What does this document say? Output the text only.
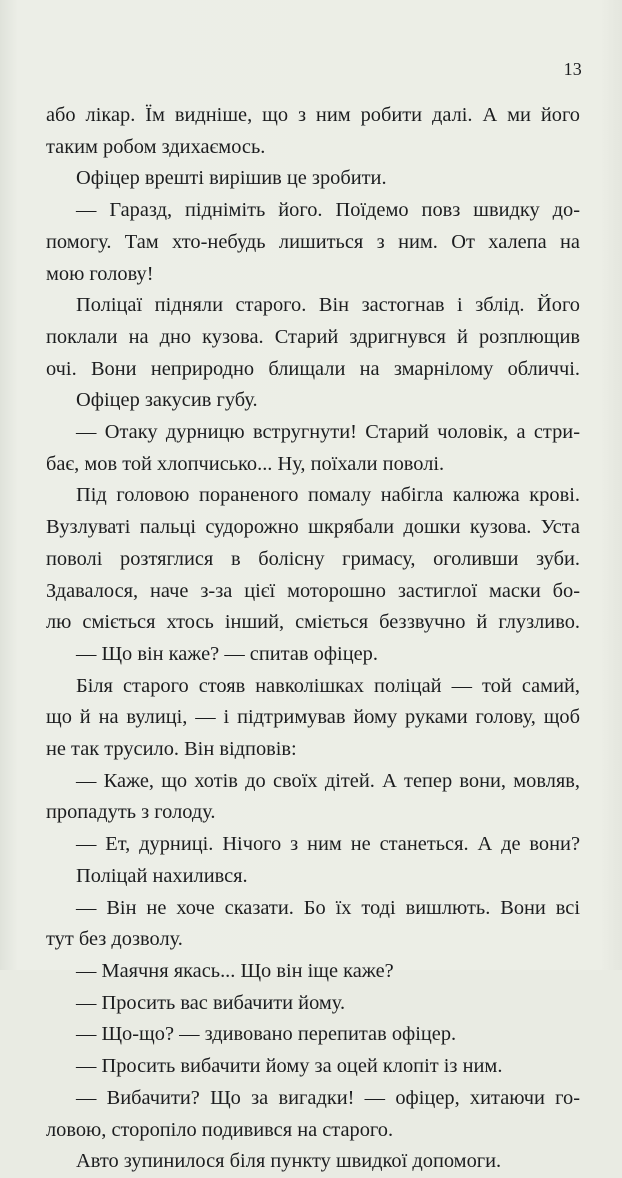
13
або лікар. Їм видніше, що з ним робити далі. А ми його
таким робом здихаємось.
Офіцер врешті вирішив це зробити.
— Гаразд, підніміть його. Поїдемо повз швидку до-
помогу. Там хто-небудь лишиться з ним. От халепа на
мою голову!
Поліцаї підняли старого. Він застогнав і зблід. Його
поклали на дно кузова. Старий здригнувся й розплющив
очі. Вони неприродно блищали на змарнілому обличчі.
Офіцер закусив губу.
— Отаку дурницю встругнути! Старий чоловік, а стри-
бає, мов той хлопчисько... Ну, поїхали поволі.
Під головою пораненого помалу набігла калюжа крові.
Вузлуваті пальці судорожно шкрябали дошки кузова. Уста
поволі розтяглися в болісну гримасу, оголивши зуби.
Здавалося, наче з-за цієї моторошно застиглої маски бо-
лю сміється хтось інший, сміється беззвучно й глузливо.
— Що він каже? — спитав офіцер.
Біля старого стояв навколішках поліцай — той самий,
що й на вулиці, — і підтримував йому руками голову, щоб
не так трусило. Він відповів:
— Каже, що хотів до своїх дітей. А тепер вони, мовляв,
пропадуть з голоду.
— Ет, дурниці. Нічого з ним не станеться. А де вони?
Поліцай нахилився.
— Він не хоче сказати. Бо їх тоді вишлють. Вони всі
тут без дозволу.
— Маячня якась... Що він іще каже?
— Просить вас вибачити йому.
— Що-що? — здивовано перепитав офіцер.
— Просить вибачити йому за оцей клопіт із ним.
— Вибачити? Що за вигадки! — офіцер, хитаючи го-
ловою, сторопіло подивився на старого.
Авто зупинилося біля пункту швидкої допомоги.
